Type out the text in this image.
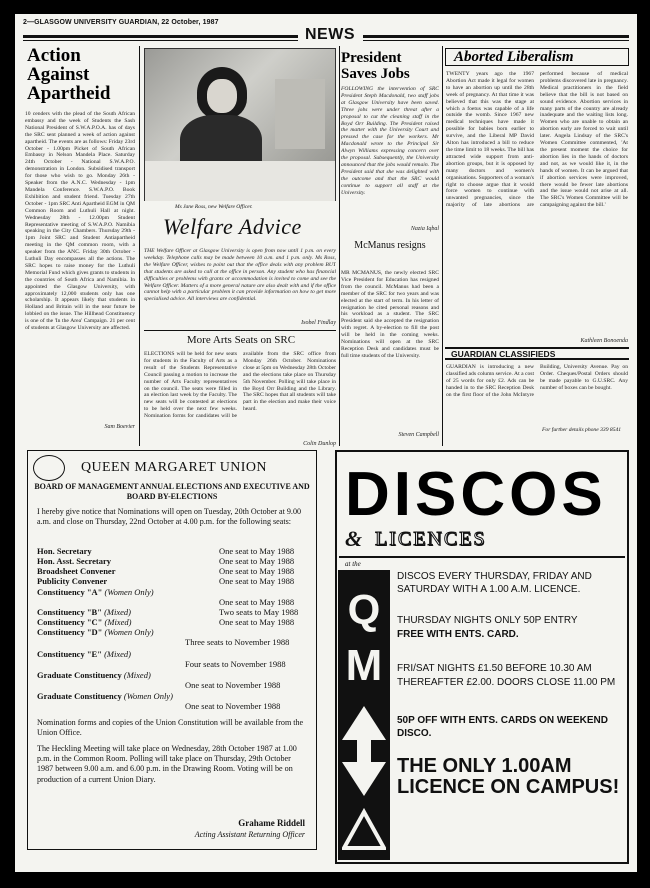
2—GLASGOW UNIVERSITY GUARDIAN, 22 October, 1987
NEWS
Action Against Apartheid
10 cenders with the plead of the South African embassy and the week of Students the Sash National President of S.W.A.P.O.A. has of days the SRC sent planned a week of action against apartheid. The events are as follows: Friday 23rd October - 1.00pm Picket of South African Embassy in Nelson Mandela Place. Saturday 24th October - National S.W.A.P.O. demonstration in London. Subsidised transport for those who wish to go. Monday 26th - Speaker from the A.N.C. Wednesday - 1pm Mandela Conference. S.W.A.P.O. Book Exhibition and student friend. Tuesday 27th October - 1pm SRC Anti Apartheid EGM in QM Common Room and Luthuli Hall at night. Wednesday 28th - 12.00pm Student Representative meeting of S.W.A.P.O. Namibia speaking in the City Chambers. Thursday 29th - 1pm Joint SRC and Student Antiapartheid meeting in the QM common room, with a speaker from the ANC. Friday 30th October - Luthuli Day encompasses all the actions. The SRC hopes to raise money for the Luthuli Memorial Fund which gives grants to students in the countries of South Africa and Namibia. In appointed the Glasgow University, with approximately 12,000 students only has one scholarship. It appears likely that students in Holland and Britain will in the near future be lobbied on the issue. The Hillhead Constituency is one of the 'In the Area' Campaign. 21 per cent of students at Glasgow University are affected.
Sam Boevier
Ms Jane Ross, new Welfare Officer.
Welfare Advice
THE Welfare Officer at Glasgow University is open from now until 1 p.m. on every weekday. Telephone calls may be made between 10 a.m. and 1 p.m. only. Ms Ross, the Welfare Officer, wishes to point out that the office deals with any problem BUT that students are asked to call at the office in person. Any student who has financial difficulties or problems with grants or accommodation is invited to come and see the Welfare Officer. Matters of a more general nature are also dealt with and if the office cannot help with a particular problem it can provide information on how to get more specialised advice. All interviews are confidential.
Isobel Findlay
More Arts Seats on SRC
ELECTIONS will be held for new seats for students in the Faculty of Arts as a result of the Students Representative Council passing a motion to increase the number of Arts Faculty representatives on the council. The seats were filled in an election last week by the Faculty. The new seats will be contested at elections to be held over the next few weeks. Nomination forms for candidates will be available from the SRC office from Monday 26th October. Nominations close at 5pm on Wednesday 28th October and the elections take place on Thursday 5th November. Polling will take place in the Boyd Orr Building and the Library. The SRC hopes that all students will take part in the election and make their voice heard.
Colin Dunlop
President Saves Jobs
FOLLOWING the intervention of SRC President Steph Macdonald, two staff jobs at Glasgow University have been saved. Three jobs were under threat after a proposal to cut the cleaning staff in the Boyd Orr Building. The President raised the matter with the University Court and pressed the case for the workers. Mr Macdonald wrote to the Principal Sir Alwyn Williams expressing concern over the proposal. Subsequently, the University announced that the jobs would remain. The President said that she was delighted with the outcome and that the SRC would continue to support all staff at the University.
Nazia Iqbal
McManus resigns
MR MCMANUS, the newly elected SRC Vice President for Education has resigned from the council. McManus had been a member of the SRC for two years and was elected at the start of term. In his letter of resignation he cited personal reasons and his workload as a student. The SRC President said she accepted the resignation with regret. A by-election to fill the post will be held in the coming weeks. Nominations will open at the SRC Reception Desk and candidates must be full time students of the University.
Steven Campbell
Aborted Liberalism
TWENTY years ago the 1967 Abortion Act made it legal for women to have an abortion up until the 28th week of pregnancy. At that time it was believed that this was the stage at which a foetus was capable of a life outside the womb. Since 1967 new medical techniques have made it possible for babies born earlier to survive, and the Liberal MP David Alton has introduced a bill to reduce the time limit to 18 weeks. The bill has attracted wide support from anti-abortion groups, but it is opposed by many doctors and women's organisations. Supporters of a woman's right to choose argue that it would force women to continue with unwanted pregnancies, since the majority of late abortions are performed because of medical problems discovered late in pregnancy. Medical practitioners in the field believe that the bill is not based on sound evidence. Abortion services in many parts of the country are already inadequate and the waiting lists long. Women who are unable to obtain an abortion early are forced to wait until later. Angela Lindsay of the SRC's Women Committee commented, 'At the present moment the choice for abortion lies in the hands of doctors and not, as we would like it, in the hands of women. It can be argued that if abortion services were improved, there would be fewer late abortions and the issue would not arise at all. The SRC's Women Committee will be campaigning against the bill.'
Kathleen Bonoenda
GUARDIAN CLASSIFIEDS
GUARDIAN is introducing a new classified ads column service. At a cost of 25 words for only £2. Ads can be handed in to the SRC Reception Desk on the first floor of the John McIntyre Building, University Avenue. Pay on Order. Cheques/Postal Orders should be made payable to G.U.SRC. Any number of boxes can be bought.
For further details phone 339 8541
QUEEN MARGARET UNION
BOARD OF MANAGEMENT ANNUAL ELECTIONS AND EXECUTIVE AND BOARD BY-ELECTIONS
I hereby give notice that Nominations will open on Tuesday, 20th October at 9.00 a.m. and close on Thursday, 22nd October at 4.00 p.m. for the following seats:
Hon. Secretary	One seat to May 1988
Hon. Asst. Secretary	One seat to May 1988
Broadsheet Convener	One seat to May 1988
Publicity Convener	One seat to May 1988
Constituency "A" (Women Only)
One seat to May 1988
Constituency "B" (Mixed)	Two seats to May 1988
Constituency "C" (Mixed)	One seat to May 1988
Constituency "D" (Women Only)
Three seats to November 1988
Constituency "E" (Mixed)
Four seats to November 1988
Graduate Constituency (Mixed)
One seat to November 1988
Graduate Constituency (Women Only)
One seat to November 1988
Nomination forms and copies of the Union Constitution will be available from the Union Office.
The Heckling Meeting will take place on Wednesday, 28th October 1987 at 1.00 p.m. in the Common Room. Polling will take place on Thursday, 29th October 1987 between 9.00 a.m. and 6.00 p.m. in the Drawing Room. Voting will be on production of a current Union Diary.
Grahame Riddell
Acting Assistant Returning Officer
DISCOS
& LICENCES
at the
Q
M
DISCOS EVERY THURSDAY, FRIDAY AND SATURDAY WITH A 1.00 A.M. LICENCE.
THURSDAY NIGHTS ONLY 50P ENTRY
FREE WITH ENTS. CARD.
FRI/SAT NIGHTS £1.50 BEFORE 10.30 AM THEREAFTER £2.00. DOORS CLOSE 11.00 PM
50P OFF WITH ENTS. CARDS ON WEEKEND DISCO.
THE ONLY 1.00AM LICENCE ON CAMPUS!
